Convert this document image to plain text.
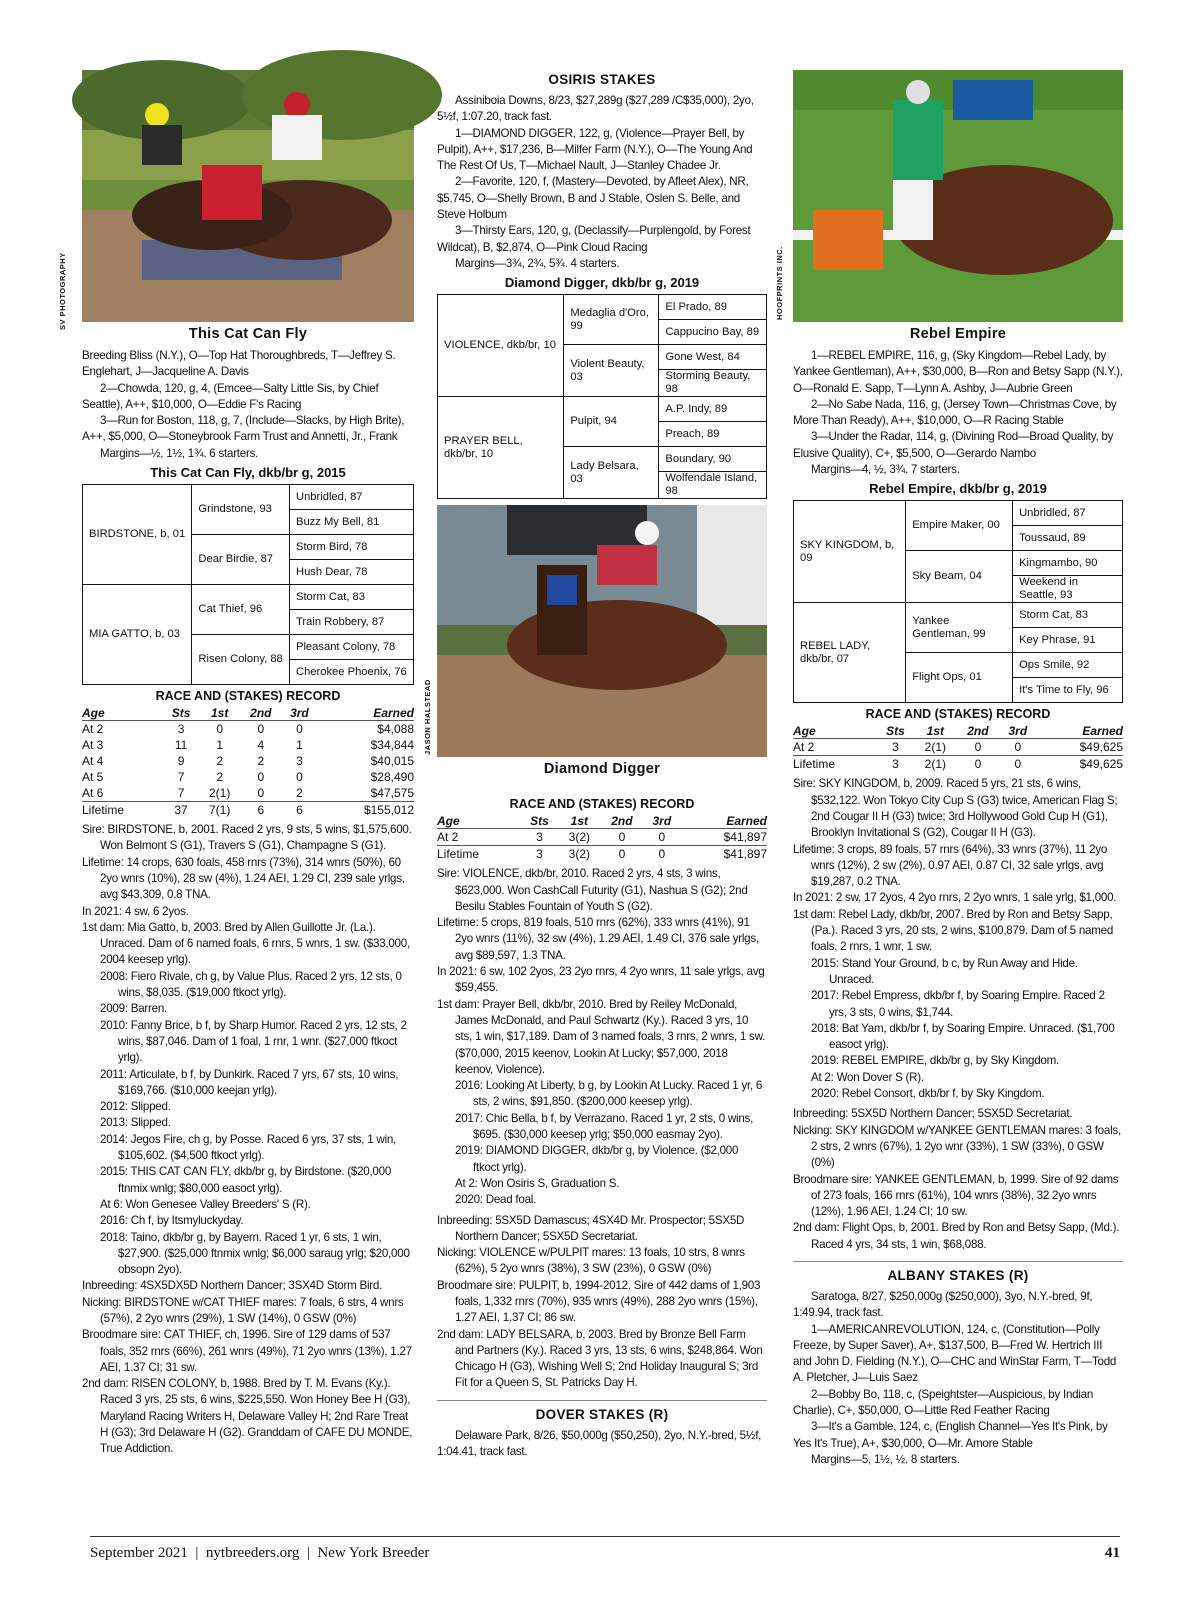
SV PHOTOGRAPHY
This Cat Can Fly

Breeding Bliss (N.Y.), O—Top Hat Thoroughbreds, T—Jeffrey S. Englehart, J—Jacqueline A. Davis

2—Chowda, 120, g, 4, (Emcee—Salty Little Sis, by Chief Seattle), A++, $10,000, O—Eddie F's Racing

3—Run for Boston, 118, g, 7, (Include—Slacks, by High Brite), A++, $5,000, O—Stoneybrook Farm Trust and Annetti, Jr., Frank

Margins—½, 1½, 1¾. 6 starters.

This Cat Can Fly, dkb/br g, 2015
BIRDSTONE, b, 01	Grindstone, 93	Unbridled, 87
		Buzz My Bell, 81
	Dear Birdie, 87	Storm Bird, 78
		Hush Dear, 78
MIA GATTO, b, 03	Cat Thief, 96	Storm Cat, 83
		Train Robbery, 87
	Risen Colony, 88	Pleasant Colony, 78
		Cherokee Phoenix, 76
RACE AND (STAKES) RECORD
Age	Sts	1st	2nd	3rd	Earned
At 2	3	0	0	0	$4,088
At 3	11	1	4	1	$34,844
At 4	9	2	2	3	$40,015
At 5	7	2	0	0	$28,490
At 6	7	2(1)	0	2	$47,575
Lifetime	37	7(1)	6	6	$155,012

Sire: BIRDSTONE, b, 2001. Raced 2 yrs, 9 sts, 5 wins, $1,575,600. Won Belmont S (G1), Travers S (G1), Champagne S (G1).

Lifetime: 14 crops, 630 foals, 458 rnrs (73%), 314 wnrs (50%), 60 2yo wnrs (10%), 28 sw (4%), 1.24 AEI, 1.29 CI, 239 sale yrlgs, avg $43,309, 0.8 TNA.

In 2021: 4 sw, 6 2yos.

1st dam: Mia Gatto, b, 2003. Bred by Allen Guillotte Jr. (La.). Unraced. Dam of 6 named foals, 6 rnrs, 5 wnrs, 1 sw. ($33,000, 2004 keesep yrlg).

2008: Fiero Rivale, ch g, by Value Plus. Raced 2 yrs, 12 sts, 0 wins, $8,035. ($19,000 ftkoct yrlg).

2009: Barren.

2010: Fanny Brice, b f, by Sharp Humor. Raced 2 yrs, 12 sts, 2 wins, $87,046. Dam of 1 foal, 1 rnr, 1 wnr. ($27,000 ftkoct yrlg).

2011: Articulate, b f, by Dunkirk. Raced 7 yrs, 67 sts, 10 wins, $169,766. ($10,000 keejan yrlg).

2012: Slipped.

2013: Slipped.

2014: Jegos Fire, ch g, by Posse. Raced 6 yrs, 37 sts, 1 win, $105,602. ($4,500 ftkoct yrlg).

2015: THIS CAT CAN FLY, dkb/br g, by Birdstone. ($20,000 ftnmix wnlg; $80,000 easoct yrlg).

At 6: Won Genesee Valley Breeders' S (R).

2016: Ch f, by Itsmyluckyday.

2018: Taino, dkb/br g, by Bayern. Raced 1 yr, 6 sts, 1 win, $27,900. ($25,000 ftnmix wnlg; $6,000 saraug yrlg; $20,000 obsopn 2yo).

Inbreeding: 4SX5DX5D Northern Dancer; 3SX4D Storm Bird.

Nicking: BIRDSTONE w/CAT THIEF mares: 7 foals, 6 strs, 4 wnrs (57%), 2 2yo wnrs (29%), 1 SW (14%), 0 GSW (0%)

Broodmare sire: CAT THIEF, ch, 1996. Sire of 129 dams of 537 foals, 352 rnrs (66%), 261 wnrs (49%), 71 2yo wnrs (13%), 1.27 AEI, 1.37 CI; 31 sw.

2nd dam: RISEN COLONY, b, 1988. Bred by T. M. Evans (Ky.). Raced 3 yrs, 25 sts, 6 wins, $225,550. Won Honey Bee H (G3), Maryland Racing Writers H, Delaware Valley H; 2nd Rare Treat H (G3); 3rd Delaware H (G2). Granddam of CAFE DU MONDE, True Addiction.

OSIRIS STAKES

Assiniboia Downs, 8/23, $27,289g ($27,289 /C$35,000), 2yo, 5½f, 1:07.20, track fast.

1—DIAMOND DIGGER, 122, g, (Violence—Prayer Bell, by Pulpit), A++, $17,236, B—Milfer Farm (N.Y.), O—The Young And The Rest Of Us, T—Michael Nault, J—Stanley Chadee Jr.

2—Favorite, 120, f, (Mastery—Devoted, by Afleet Alex), NR, $5,745, O—Shelly Brown, B and J Stable, Oslen S. Belle, and Steve Holbum

3—Thirsty Ears, 120, g, (Declassify—Purplengold, by Forest Wildcat), B, $2,874, O—Pink Cloud Racing

Margins—3¾, 2¾, 5¾. 4 starters.

Diamond Digger, dkb/br g, 2019
VIOLENCE, dkb/br, 10	Medaglia d'Oro, 99	El Prado, 89
		Cappucino Bay, 89
	Violent Beauty, 03	Gone West, 84
		Storming Beauty, 98
PRAYER BELL, dkb/br, 10	Pulpit, 94	A.P. Indy, 89
		Preach, 89
	Lady Belsara, 03	Boundary, 90
		Wolfendale Island, 98
JASON HALSTEAD
Diamond Digger
RACE AND (STAKES) RECORD
Age	Sts	1st	2nd	3rd	Earned
At 2	3	3(2)	0	0	$41,897
Lifetime	3	3(2)	0	0	$41,897

Sire: VIOLENCE, dkb/br, 2010. Raced 2 yrs, 4 sts, 3 wins, $623,000. Won CashCall Futurity (G1), Nashua S (G2); 2nd Besilu Stables Fountain of Youth S (G2).

Lifetime: 5 crops, 819 foals, 510 rnrs (62%), 333 wnrs (41%), 91 2yo wnrs (11%), 32 sw (4%), 1.29 AEI, 1.49 CI, 376 sale yrlgs, avg $89,597, 1.3 TNA.

In 2021: 6 sw, 102 2yos, 23 2yo rnrs, 4 2yo wnrs, 11 sale yrlgs, avg $59,455.

1st dam: Prayer Bell, dkb/br, 2010. Bred by Reiley McDonald, James McDonald, and Paul Schwartz (Ky.). Raced 3 yrs, 10 sts, 1 win, $17,189. Dam of 3 named foals, 3 rnrs, 2 wnrs, 1 sw. ($70,000, 2015 keenov, Lookin At Lucky; $57,000, 2018 keenov, Violence).

2016: Looking At Liberty, b g, by Lookin At Lucky. Raced 1 yr, 6 sts, 2 wins, $91,850. ($200,000 keesep yrlg).

2017: Chic Bella, b f, by Verrazano. Raced 1 yr, 2 sts, 0 wins, $695. ($30,000 keesep yrlg; $50,000 easmay 2yo).

2019: DIAMOND DIGGER, dkb/br g, by Violence. ($2,000 ftkoct yrlg).

At 2: Won Osiris S, Graduation S.

2020: Dead foal.

Inbreeding: 5SX5D Damascus; 4SX4D Mr. Prospector; 5SX5D Northern Dancer; 5SX5D Secretariat.

Nicking: VIOLENCE w/PULPIT mares: 13 foals, 10 strs, 8 wnrs (62%), 5 2yo wnrs (38%), 3 SW (23%), 0 GSW (0%)

Broodmare sire: PULPIT, b, 1994-2012. Sire of 442 dams of 1,903 foals, 1,332 rnrs (70%), 935 wnrs (49%), 288 2yo wnrs (15%), 1.27 AEI, 1.37 CI; 86 sw.

2nd dam: LADY BELSARA, b, 2003. Bred by Bronze Bell Farm and Partners (Ky.). Raced 3 yrs, 13 sts, 6 wins, $248,864. Won Chicago H (G3), Wishing Well S; 2nd Holiday Inaugural S; 3rd Fit for a Queen S, St. Patricks Day H.

DOVER STAKES (R)

Delaware Park, 8/26, $50,000g ($50,250), 2yo, N.Y.-bred, 5½f, 1:04.41, track fast.

HOOFPRINTS INC.
Rebel Empire

1—REBEL EMPIRE, 116, g, (Sky Kingdom—Rebel Lady, by Yankee Gentleman), A++, $30,000, B—Ron and Betsy Sapp (N.Y.), O—Ronald E. Sapp, T—Lynn A. Ashby, J—Aubrie Green

2—No Sabe Nada, 116, g, (Jersey Town—Christmas Cove, by More Than Ready), A++, $10,000, O—R Racing Stable

3—Under the Radar, 114, g, (Divining Rod—Broad Quality, by Elusive Quality), C+, $5,500, O—Gerardo Nambo

Margins—4, ½, 3¾. 7 starters.

Rebel Empire, dkb/br g, 2019
SKY KINGDOM, b, 09	Empire Maker, 00	Unbridled, 87
		Toussaud, 89
	Sky Beam, 04	Kingmambo, 90
		Weekend in Seattle, 93
REBEL LADY, dkb/br, 07	Yankee Gentleman, 99	Storm Cat, 83
		Key Phrase, 91
	Flight Ops, 01	Ops Smile, 92
		It's Time to Fly, 96
RACE AND (STAKES) RECORD
Age	Sts	1st	2nd	3rd	Earned
At 2	3	2(1)	0	0	$49,625
Lifetime	3	2(1)	0	0	$49,625

Sire: SKY KINGDOM, b, 2009. Raced 5 yrs, 21 sts, 6 wins, $532,122. Won Tokyo City Cup S (G3) twice, American Flag S; 2nd Cougar II H (G3) twice; 3rd Hollywood Gold Cup H (G1), Brooklyn Invitational S (G2), Cougar II H (G3).

Lifetime: 3 crops, 89 foals, 57 rnrs (64%), 33 wnrs (37%), 11 2yo wnrs (12%), 2 sw (2%), 0.97 AEI, 0.87 CI, 32 sale yrlgs, avg $19,287, 0.2 TNA.

In 2021: 2 sw, 17 2yos, 4 2yo rnrs, 2 2yo wnrs, 1 sale yrlg, $1,000.

1st dam: Rebel Lady, dkb/br, 2007. Bred by Ron and Betsy Sapp, (Pa.). Raced 3 yrs, 20 sts, 2 wins, $100,879. Dam of 5 named foals, 2 rnrs, 1 wnr, 1 sw.

2015: Stand Your Ground, b c, by Run Away and Hide. Unraced.

2017: Rebel Empress, dkb/br f, by Soaring Empire. Raced 2 yrs, 3 sts, 0 wins, $1,744.

2018: Bat Yam, dkb/br f, by Soaring Empire. Unraced. ($1,700 easoct yrlg).

2019: REBEL EMPIRE, dkb/br g, by Sky Kingdom.

At 2: Won Dover S (R).

2020: Rebel Consort, dkb/br f, by Sky Kingdom.

Inbreeding: 5SX5D Northern Dancer; 5SX5D Secretariat.

Nicking: SKY KINGDOM w/YANKEE GENTLEMAN mares: 3 foals, 2 strs, 2 wnrs (67%), 1 2yo wnr (33%), 1 SW (33%), 0 GSW (0%)

Broodmare sire: YANKEE GENTLEMAN, b, 1999. Sire of 92 dams of 273 foals, 166 rnrs (61%), 104 wnrs (38%), 32 2yo wnrs (12%), 1.96 AEI, 1.24 CI; 10 sw.

2nd dam: Flight Ops, b, 2001. Bred by Ron and Betsy Sapp, (Md.). Raced 4 yrs, 34 sts, 1 win, $68,088.

ALBANY STAKES (R)

Saratoga, 8/27, $250,000g ($250,000), 3yo, N.Y.-bred, 9f, 1:49.94, track fast.

1—AMERICANREVOLUTION, 124, c, (Constitution—Polly Freeze, by Super Saver), A+, $137,500, B—Fred W. Hertrich III and John D. Fielding (N.Y.), O—CHC and WinStar Farm, T—Todd A. Pletcher, J—Luis Saez

2—Bobby Bo, 118, c, (Speightster—Auspicious, by Indian Charlie), C+, $50,000, O—Little Red Feather Racing

3—It's a Gamble, 124, c, (English Channel—Yes It's Pink, by Yes It's True), A+, $30,000, O—Mr. Amore Stable

Margins—5, 1½, ½. 8 starters.

September 2021  |  nytbreeders.org  |  New York Breeder	41
